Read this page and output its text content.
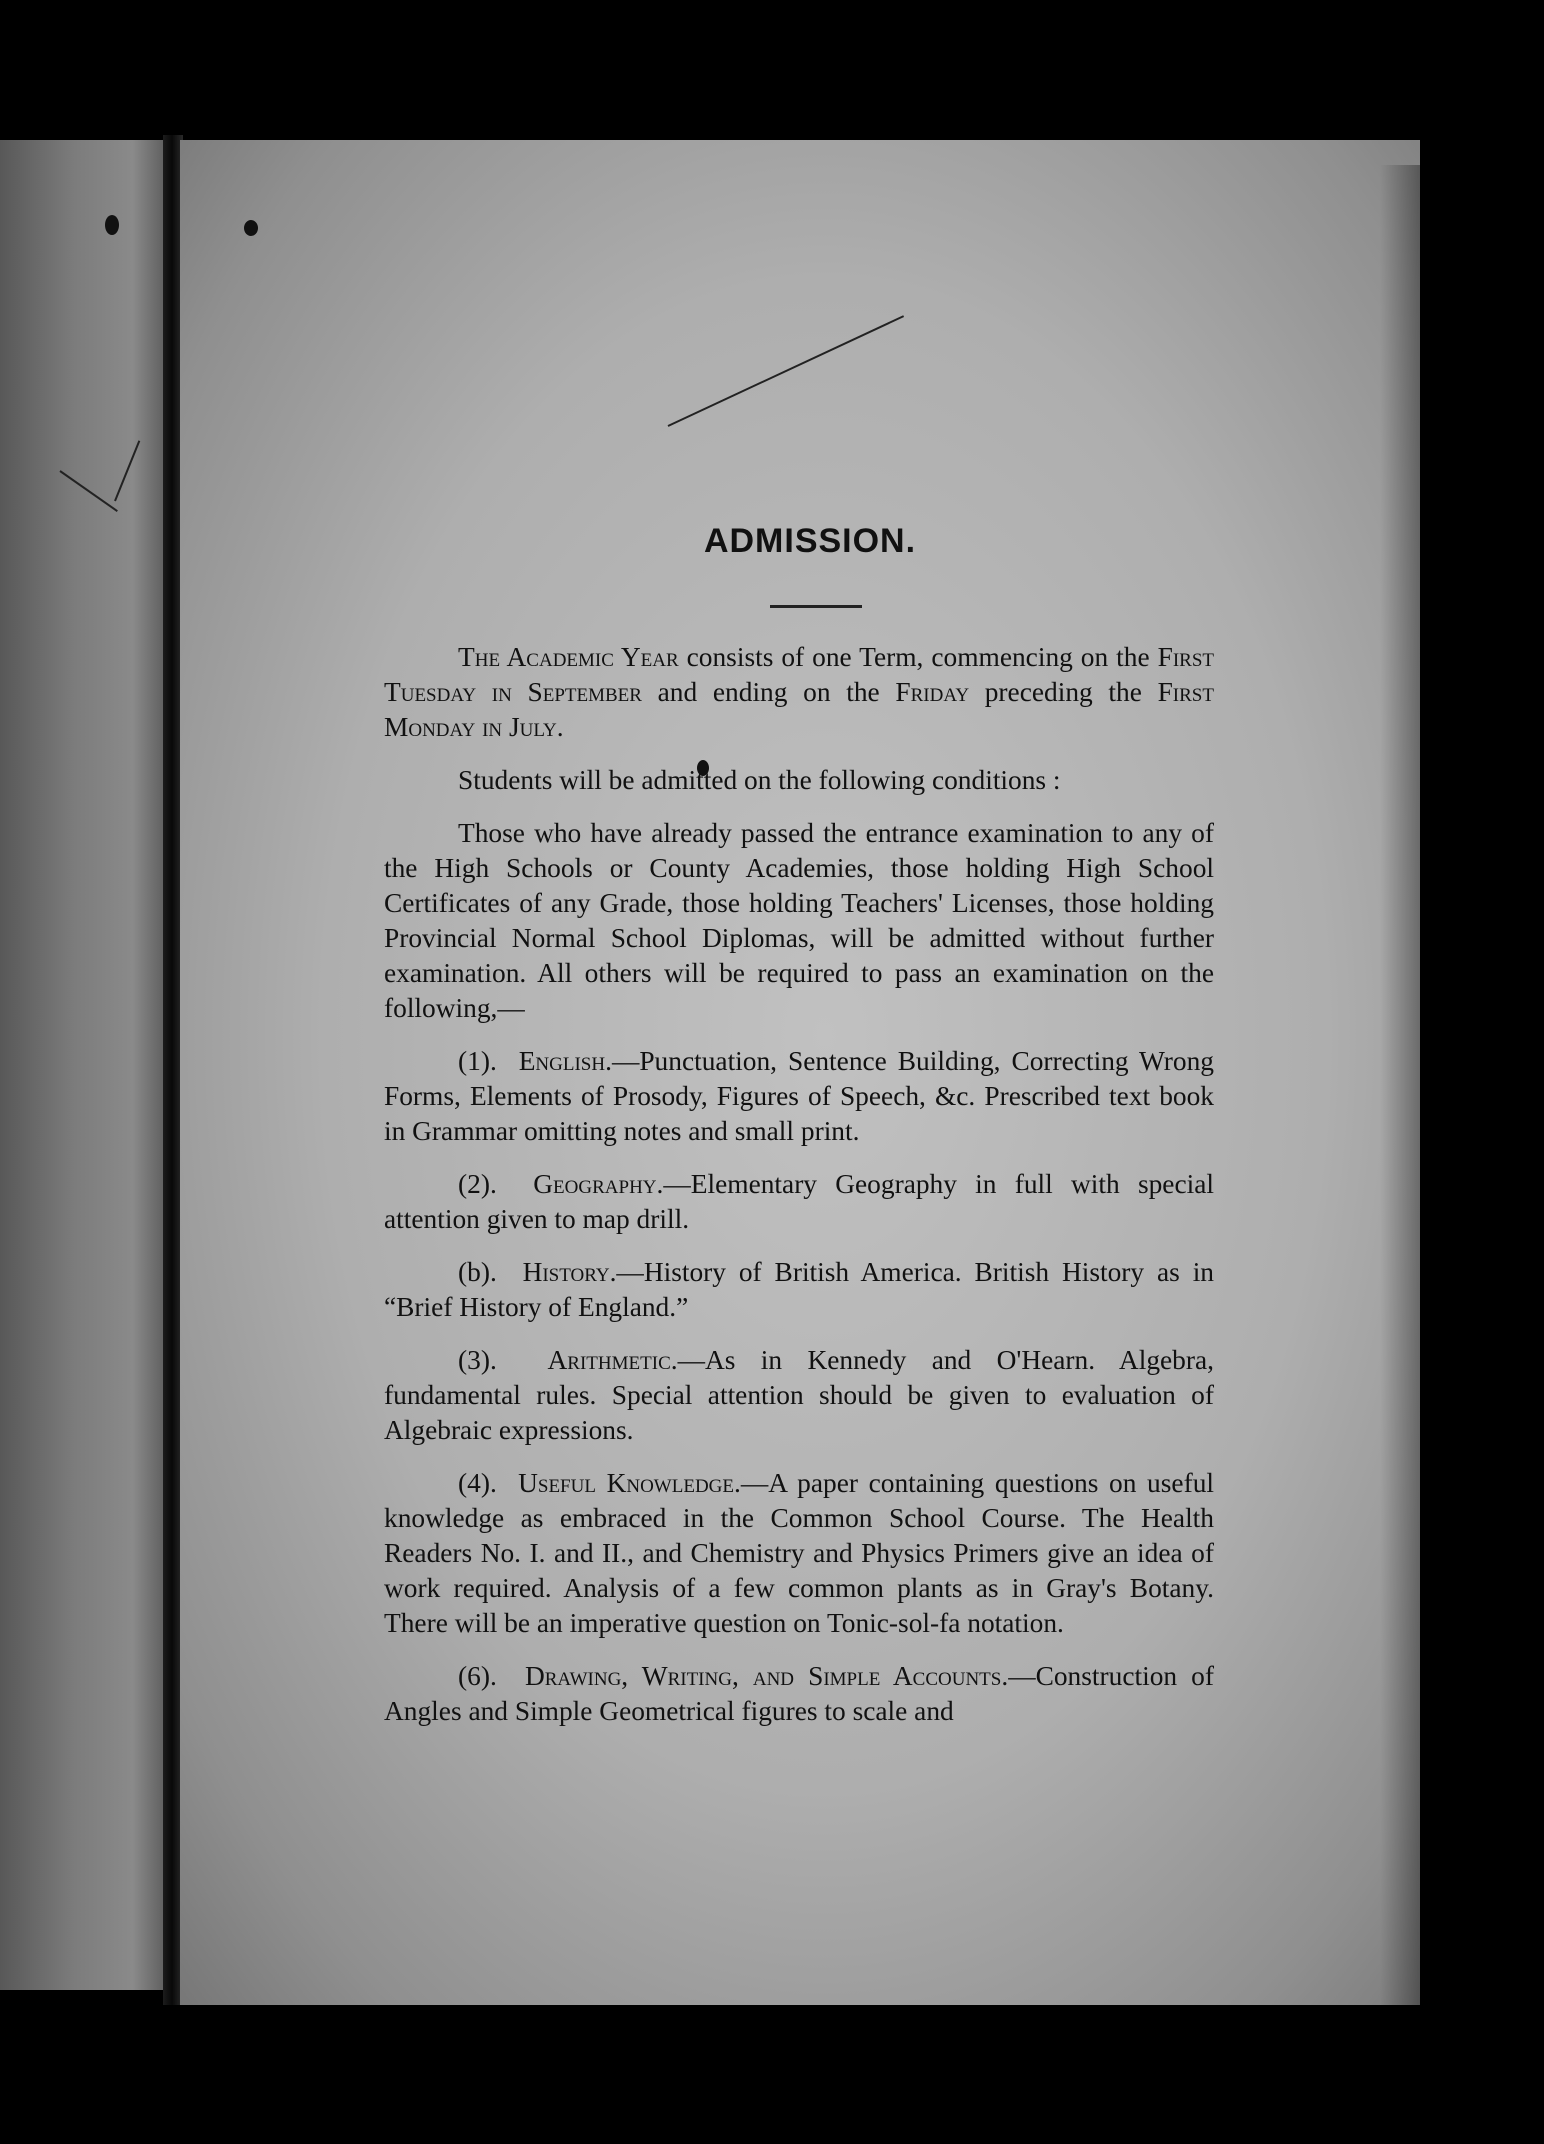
ADMISSION.

The Academic Year consists of one Term, commencing on the First Tuesday in September and ending on the Friday preceding the First Monday in July.

Students will be admitted on the following conditions :

Those who have already passed the entrance examination to any of the High Schools or County Academies, those holding High School Certificates of any Grade, those holding Teachers' Licenses, those holding Provincial Normal School Diplomas, will be admitted without further examination. All others will be required to pass an examination on the following,—

(1). English.—Punctuation, Sentence Building, Correcting Wrong Forms, Elements of Prosody, Figures of Speech, &c. Prescribed text book in Grammar omitting notes and small print.

(2). Geography.—Elementary Geography in full with special attention given to map drill.

(b). History.—History of British America. British History as in “Brief History of England.”

(3). Arithmetic.—As in Kennedy and O'Hearn. Algebra, fundamental rules. Special attention should be given to evaluation of Algebraic expressions.

(4). Useful Knowledge.—A paper containing questions on useful knowledge as embraced in the Common School Course. The Health Readers No. I. and II., and Chemistry and Physics Primers give an idea of work required. Analysis of a few common plants as in Gray's Botany. There will be an imperative question on Tonic-sol-fa notation.

(6). Drawing, Writing, and Simple Accounts.—Construction of Angles and Simple Geometrical figures to scale and
